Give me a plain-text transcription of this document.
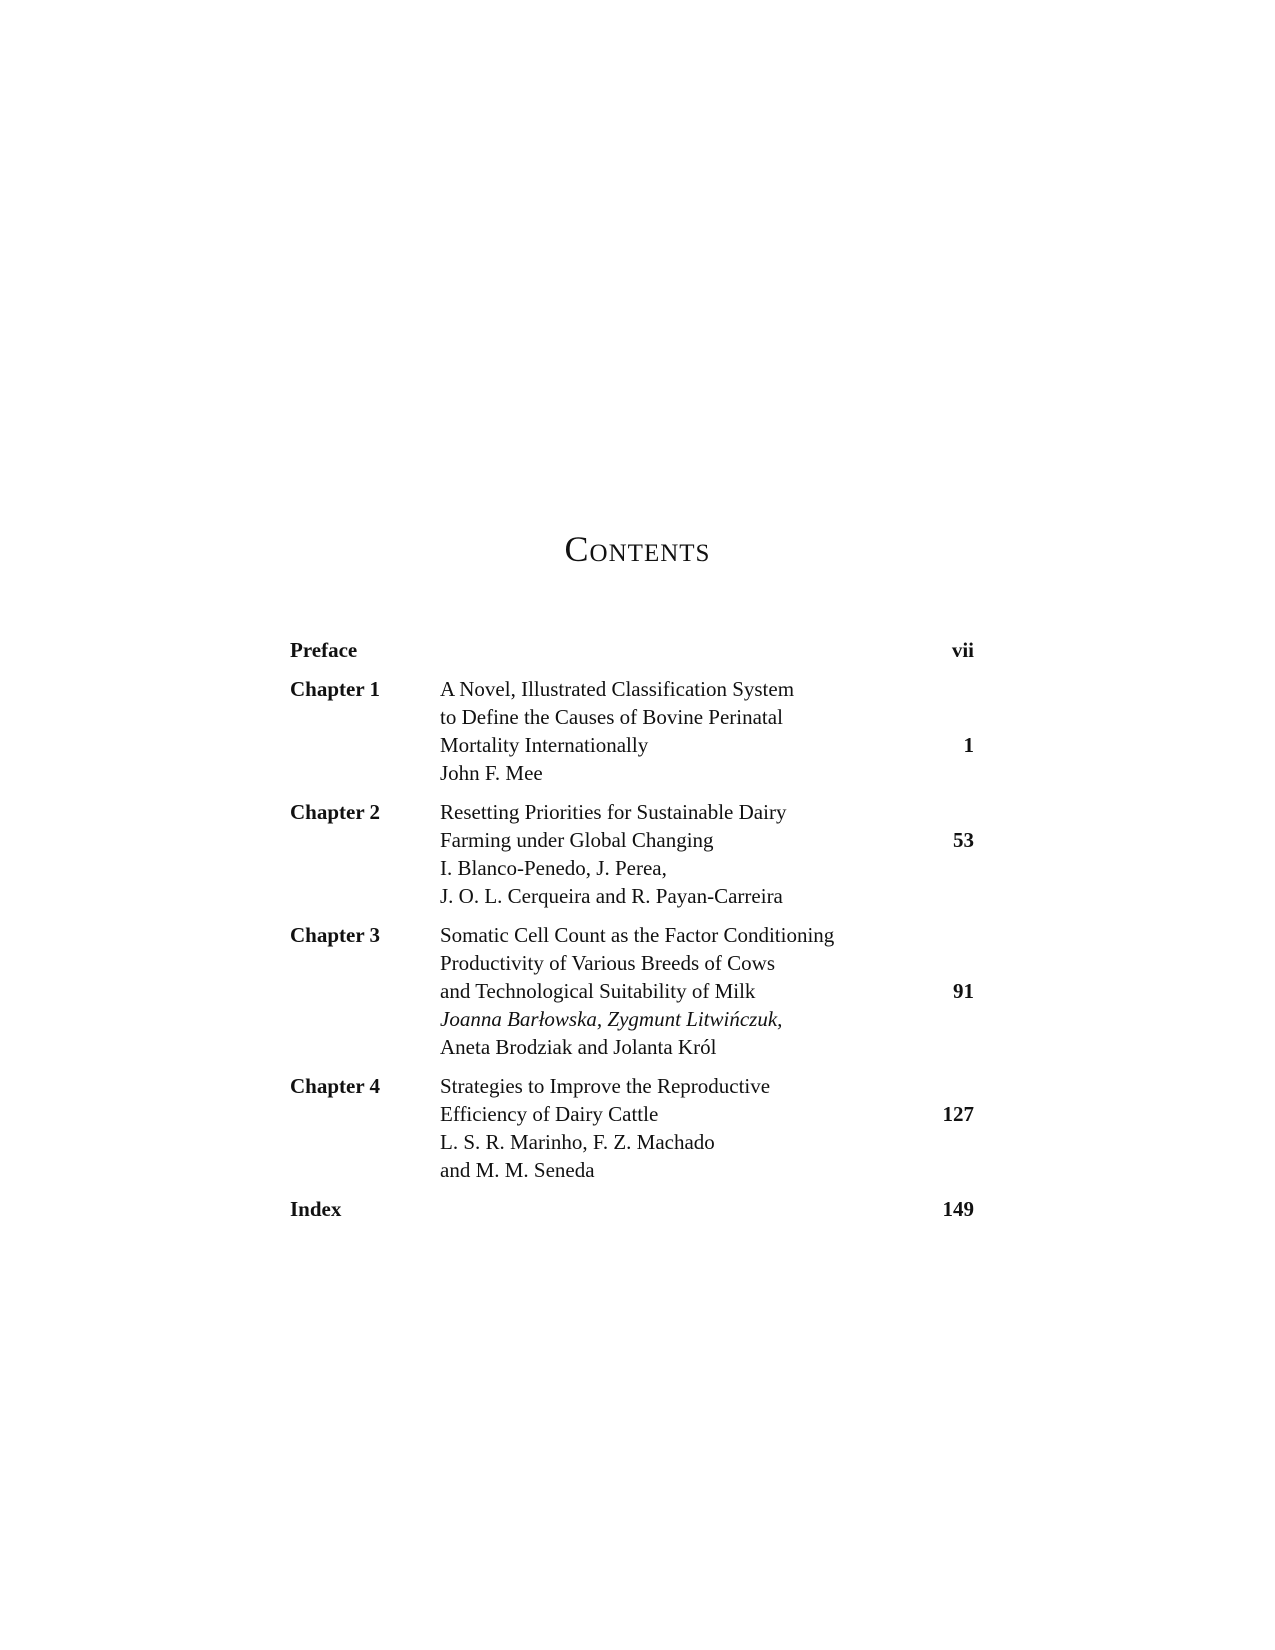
Contents
Preface	vii
Chapter 1	A Novel, Illustrated Classification System
to Define the Causes of Bovine Perinatal
Mortality Internationally
John F. Mee
1
Chapter 2	Resetting Priorities for Sustainable Dairy
Farming under Global Changing
I. Blanco-Penedo, J. Perea,
J. O. L. Cerqueira and R. Payan-Carreira
53
Chapter 3	Somatic Cell Count as the Factor Conditioning
Productivity of Various Breeds of Cows
and Technological Suitability of Milk
Joanna Barłowska, Zygmunt Litwińczuk,
Aneta Brodziak and Jolanta Król
91
Chapter 4	Strategies to Improve the Reproductive
Efficiency of Dairy Cattle
L. S. R. Marinho, F. Z. Machado
and M. M. Seneda
127
Index	149
